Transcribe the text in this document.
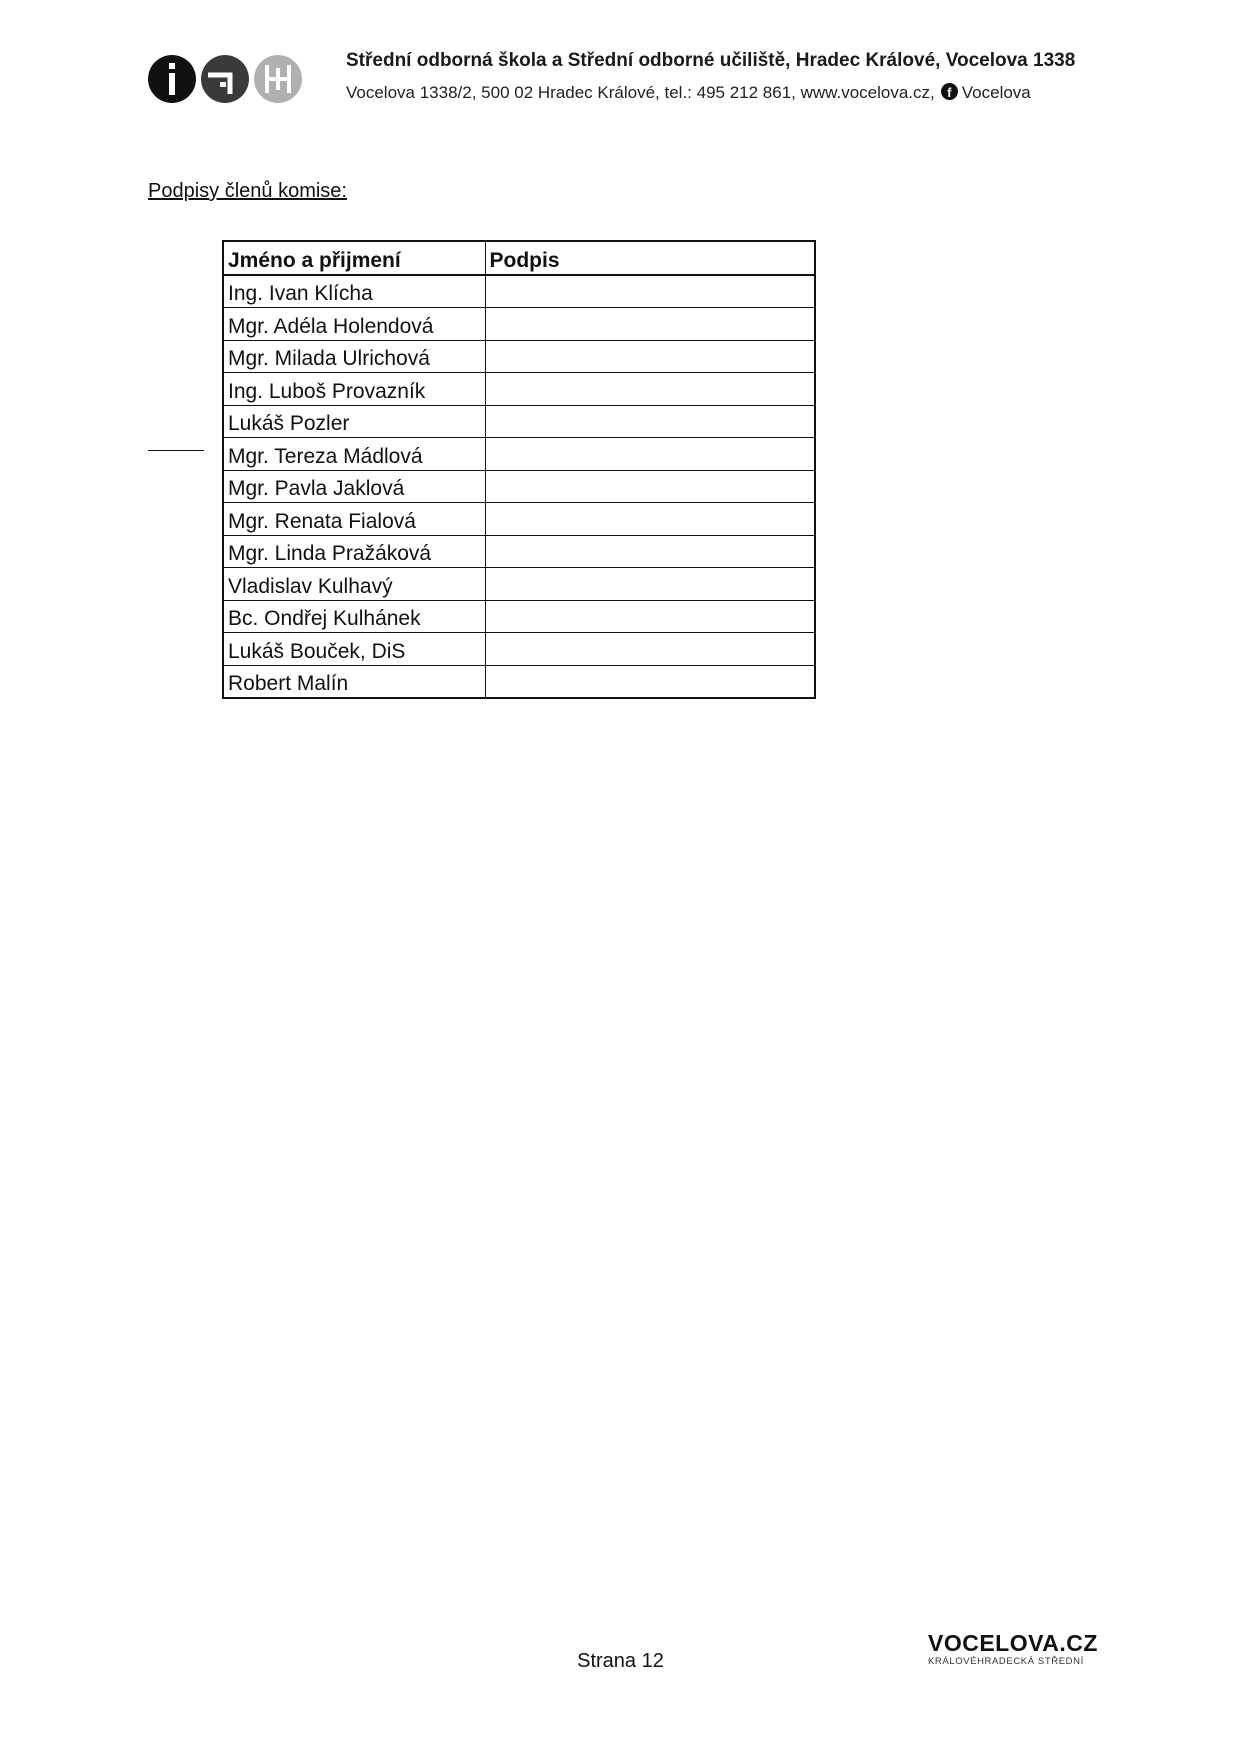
Střední odborná škola a Střední odborné učiliště, Hradec Králové, Vocelova 1338
Vocelova 1338/2, 500 02 Hradec Králové, tel.: 495 212 861, www.vocelova.cz, f Vocelova
Podpisy členů komise:
Jméno a přijmení	Podpis
Ing. Ivan Klícha	
Mgr. Adéla Holendová	
Mgr. Milada Ulrichová	
Ing. Luboš Provazník	
Lukáš Pozler	
Mgr. Tereza Mádlová	
Mgr. Pavla Jaklová	
Mgr. Renata Fialová	
Mgr. Linda Pražáková	
Vladislav Kulhavý	
Bc. Ondřej Kulhánek	
Lukáš Bouček, DiS	
Robert Malín	
Strana 12
VOCELOVA.CZ
KRÁLOVÉHRADECKÁ STŘEDNÍ
